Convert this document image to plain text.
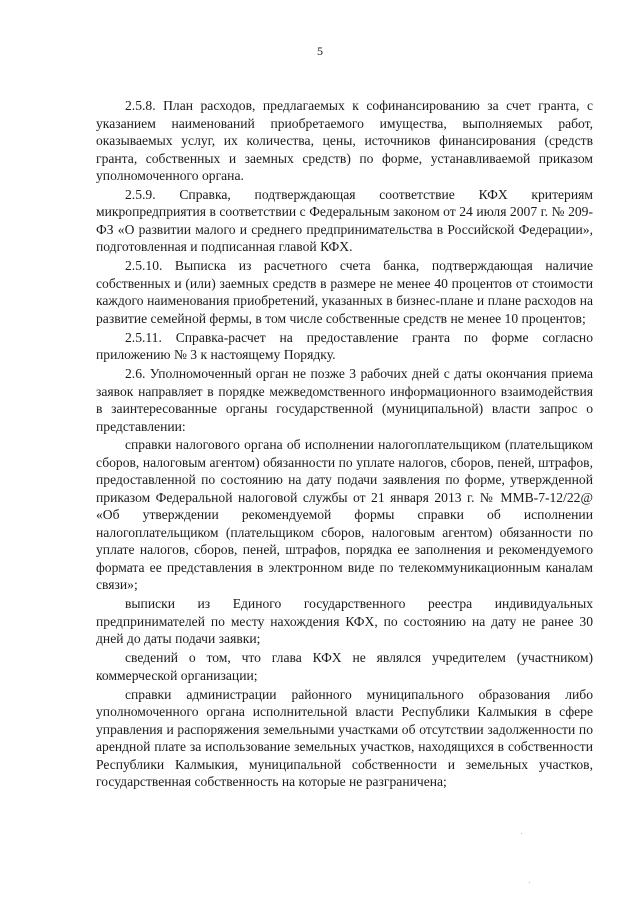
5

2.5.8. План расходов, предлагаемых к софинансированию за счет гранта, с указанием наименований приобретаемого имущества, выполняемых работ, оказываемых услуг, их количества, цены, источников финансирования (средств гранта, собственных и заемных средств) по форме, устанавливаемой приказом уполномоченного органа.

2.5.9. Справка, подтверждающая соответствие КФХ критериям микропредприятия в соответствии с Федеральным законом от 24 июля 2007 г. № 209-ФЗ «О развитии малого и среднего предпринимательства в Российской Федерации», подготовленная и подписанная главой КФХ.

2.5.10. Выписка из расчетного счета банка, подтверждающая наличие собственных и (или) заемных средств в размере не менее 40 процентов от стоимости каждого наименования приобретений, указанных в бизнес-плане и плане расходов на развитие семейной фермы, в том числе собственные средств не менее 10 процентов;

2.5.11. Справка-расчет на предоставление гранта по форме согласно приложению № 3 к настоящему Порядку.

2.6. Уполномоченный орган не позже 3 рабочих дней с даты окончания приема заявок направляет в порядке межведомственного информационного взаимодействия в заинтересованные органы государственной (муниципальной) власти запрос о представлении:

справки налогового органа об исполнении налогоплательщиком (плательщиком сборов, налоговым агентом) обязанности по уплате налогов, сборов, пеней, штрафов, предоставленной по состоянию на дату подачи заявления по форме, утвержденной приказом Федеральной налоговой службы от 21 января 2013 г. № ММВ-7-12/22@ «Об утверждении рекомендуемой формы справки об исполнении налогоплательщиком (плательщиком сборов, налоговым агентом) обязанности по уплате налогов, сборов, пеней, штрафов, порядка ее заполнения и рекомендуемого формата ее представления в электронном виде по телекоммуникационным каналам связи»;

выписки из Единого государственного реестра индивидуальных предпринимателей по месту нахождения КФХ, по состоянию на дату не ранее 30 дней до даты подачи заявки;

сведений о том, что глава КФХ не являлся учредителем (участником) коммерческой организации;

справки администрации районного муниципального образования либо уполномоченного органа исполнительной власти Республики Калмыкия в сфере управления и распоряжения земельными участками об отсутствии задолженности по арендной плате за использование земельных участков, находящихся в собственности Республики Калмыкия, муниципальной собственности и земельных участков, государственная собственность на которые не разграничена;
